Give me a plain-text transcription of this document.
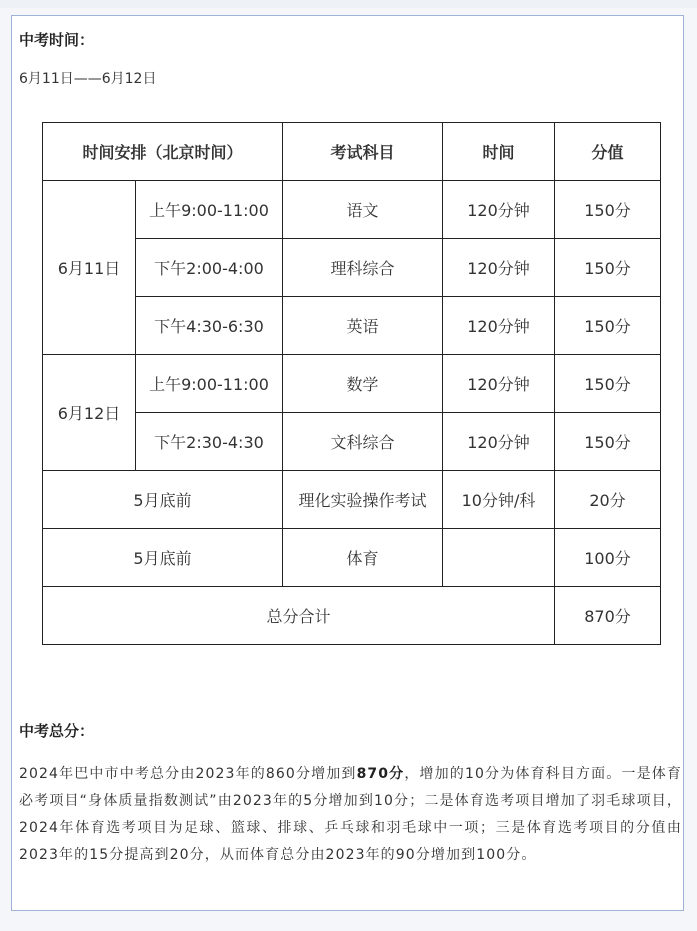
中考时间：
6月11日——6月12日
时间安排（北京时间）		考试科目	时间	分值
6月11日	上午9:00-11:00	语文	120分钟	150分
	下午2:00-4:00	理科综合	120分钟	150分
	下午4:30-6:30	英语	120分钟	150分
6月12日	上午9:00-11:00	数学	120分钟	150分
	下午2:30-4:30	文科综合	120分钟	150分
5月底前		理化实验操作考试	10分钟/科	20分
5月底前		体育		100分
总分合计				870分
中考总分：
2024年巴中市中考总分由2023年的860分增加到870分，增加的10分为体育科目方面。一是体育必考项目“身体质量指数测试”由2023年的5分增加到10分；二是体育选考项目增加了羽毛球项目，2024年体育选考项目为足球、篮球、排球、乒乓球和羽毛球中一项；三是体育选考项目的分值由2023年的15分提高到20分，从而体育总分由2023年的90分增加到100分。
